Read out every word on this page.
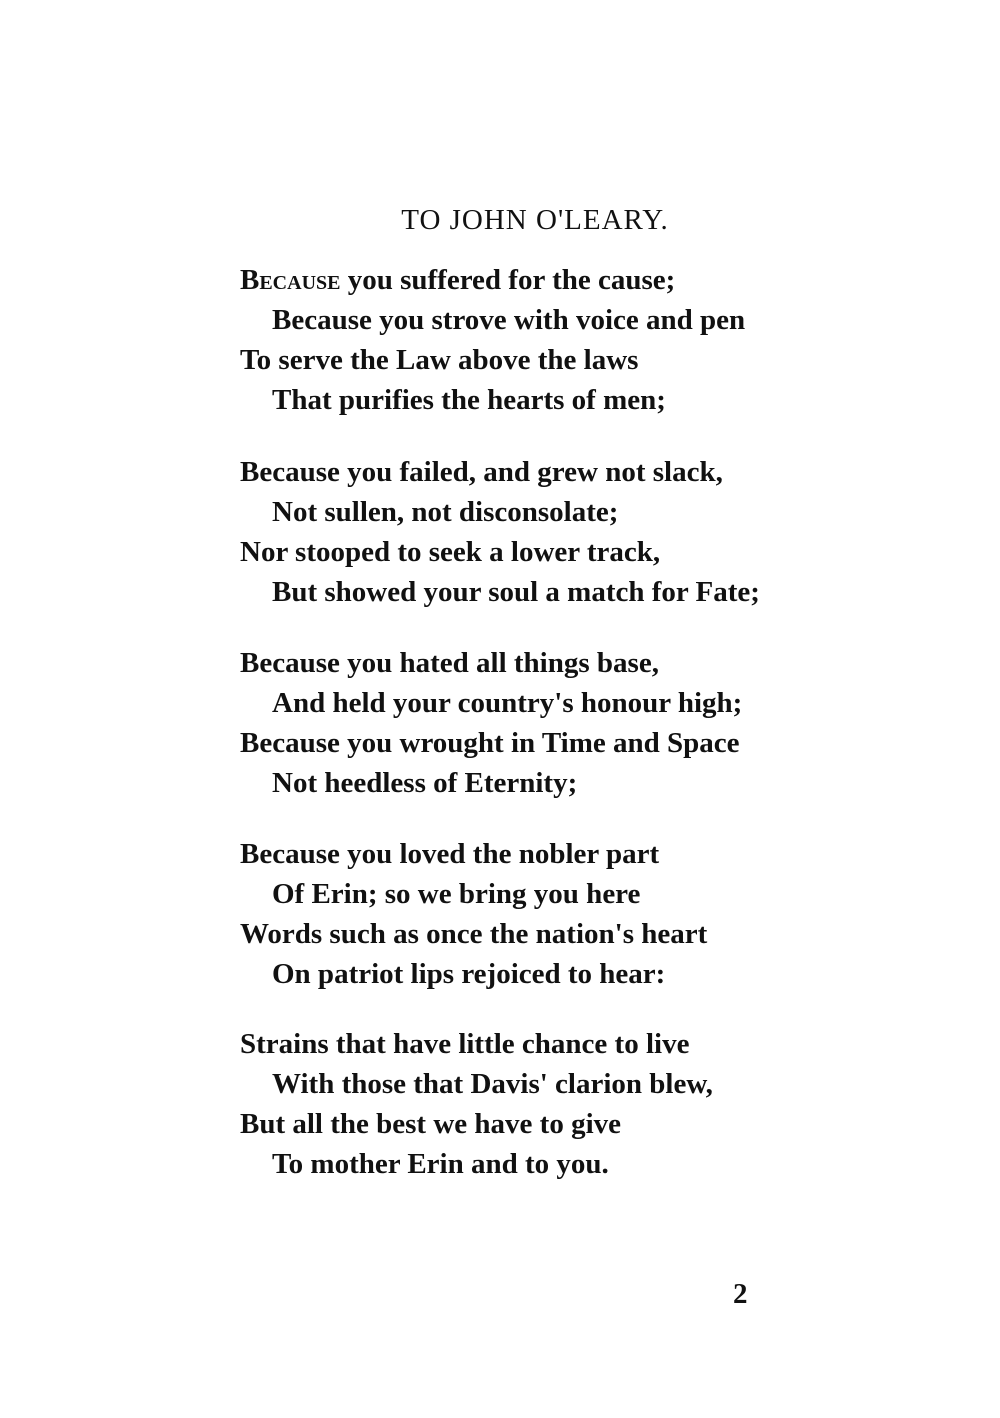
TO JOHN O'LEARY.
Because you suffered for the cause;
Because you strove with voice and pen
To serve the Law above the laws
That purifies the hearts of men;
Because you failed, and grew not slack,
Not sullen, not disconsolate;
Nor stooped to seek a lower track,
But showed your soul a match for Fate;
Because you hated all things base,
And held your country's honour high;
Because you wrought in Time and Space
Not heedless of Eternity;
Because you loved the nobler part
Of Erin; so we bring you here
Words such as once the nation's heart
On patriot lips rejoiced to hear:
Strains that have little chance to live
With those that Davis' clarion blew,
But all the best we have to give
To mother Erin and to you.
2
